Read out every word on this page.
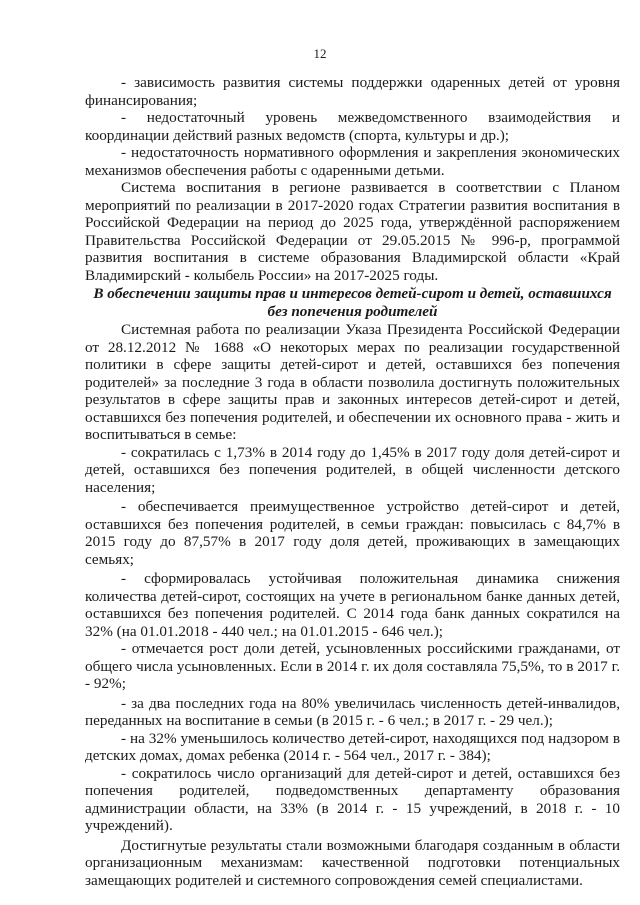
12

- зависимость развития системы поддержки одаренных детей от уровня финансирования;

- недостаточный уровень межведомственного взаимодействия и координации действий разных ведомств (спорта, культуры и др.);

- недостаточность нормативного оформления и закрепления экономических механизмов обеспечения работы с одаренными детьми.

Система воспитания в регионе развивается в соответствии с Планом мероприятий по реализации в 2017-2020 годах Стратегии развития воспитания в Российской Федерации на период до 2025 года, утверждённой распоряжением Правительства Российской Федерации от 29.05.2015 № 996-р, программой развития воспитания в системе образования Владимирской области «Край Владимирский - колыбель России» на 2017-2025 годы.

В обеспечении защиты прав и интересов детей-сирот и детей, оставшихся без попечения родителей

Системная работа по реализации Указа Президента Российской Федерации от 28.12.2012 № 1688 «О некоторых мерах по реализации государственной политики в сфере защиты детей-сирот и детей, оставшихся без попечения родителей» за последние 3 года в области позволила достигнуть положительных результатов в сфере защиты прав и законных интересов детей-сирот и детей, оставшихся без попечения родителей, и обеспечении их основного права - жить и воспитываться в семье:

- сократилась с 1,73% в 2014 году до 1,45% в 2017 году доля детей-сирот и детей, оставшихся без попечения родителей, в общей численности детского населения;

- обеспечивается преимущественное устройство детей-сирот и детей, оставшихся без попечения родителей, в семьи граждан: повысилась с 84,7% в 2015 году до 87,57% в 2017 году доля детей, проживающих в замещающих семьях;

- сформировалась устойчивая положительная динамика снижения количества детей-сирот, состоящих на учете в региональном банке данных детей, оставшихся без попечения родителей. С 2014 года банк данных сократился на 32% (на 01.01.2018 - 440 чел.; на 01.01.2015 - 646 чел.);

- отмечается рост доли детей, усыновленных российскими гражданами, от общего числа усыновленных. Если в 2014 г. их доля составляла 75,5%, то в 2017 г. - 92%;

- за два последних года на 80% увеличилась численность детей-инвалидов, переданных на воспитание в семьи (в 2015 г. - 6 чел.; в 2017 г. - 29 чел.);

- на 32% уменьшилось количество детей-сирот, находящихся под надзором в детских домах, домах ребенка (2014 г. - 564 чел., 2017 г. - 384);

- сократилось число организаций для детей-сирот и детей, оставшихся без попечения родителей, подведомственных департаменту образования администрации области, на 33% (в 2014 г. - 15 учреждений, в 2018 г. - 10 учреждений).

Достигнутые результаты стали возможными благодаря созданным в области организационным механизмам: качественной подготовки потенциальных замещающих родителей и системного сопровождения семей специалистами.
